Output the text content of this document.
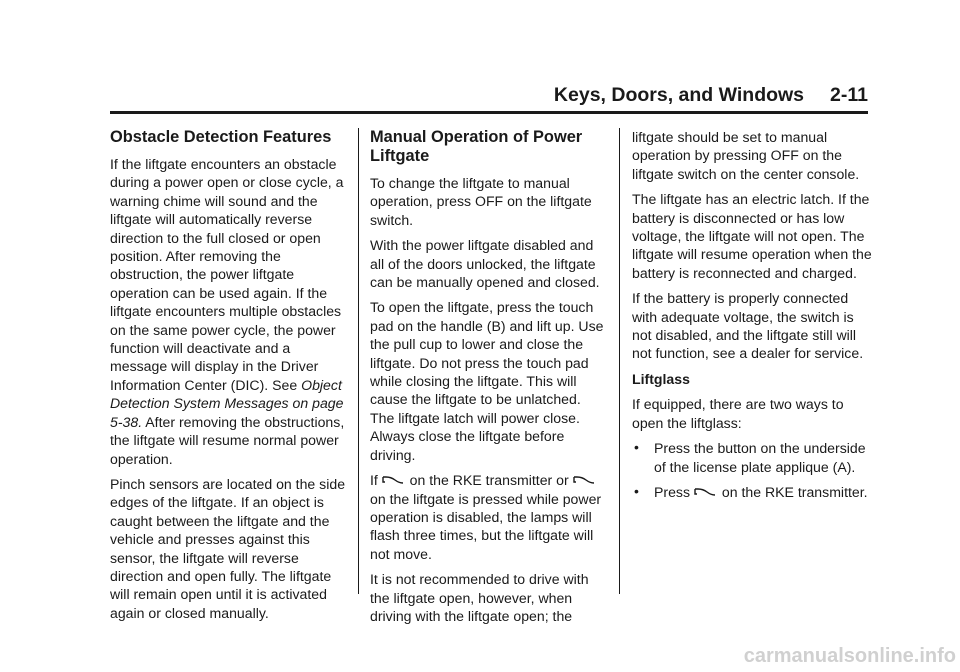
Keys, Doors, and Windows 2-11
Obstacle Detection Features

If the liftgate encounters an obstacle during a power open or close cycle, a warning chime will sound and the liftgate will automatically reverse direction to the full closed or open position. After removing the obstruction, the power liftgate operation can be used again. If the liftgate encounters multiple obstacles on the same power cycle, the power function will deactivate and a message will display in the Driver Information Center (DIC). See Object Detection System Messages on page 5-38. After removing the obstructions, the liftgate will resume normal power operation.

Pinch sensors are located on the side edges of the liftgate. If an object is caught between the liftgate and the vehicle and presses against this sensor, the liftgate will reverse direction and open fully. The liftgate will remain open until it is activated again or closed manually.

Manual Operation of Power Liftgate

To change the liftgate to manual operation, press OFF on the liftgate switch.

With the power liftgate disabled and all of the doors unlocked, the liftgate can be manually opened and closed.

To open the liftgate, press the touch pad on the handle (B) and lift up. Use the pull cup to lower and close the liftgate. Do not press the touch pad while closing the liftgate. This will cause the liftgate to be unlatched. The liftgate latch will power close. Always close the liftgate before driving.

If  on the RKE transmitter or  on the liftgate is pressed while power operation is disabled, the lamps will flash three times, but the liftgate will not move.

It is not recommended to drive with the liftgate open, however, when driving with the liftgate open; the

liftgate should be set to manual operation by pressing OFF on the liftgate switch on the center console.

The liftgate has an electric latch. If the battery is disconnected or has low voltage, the liftgate will not open. The liftgate will resume operation when the battery is reconnected and charged.

If the battery is properly connected with adequate voltage, the switch is not disabled, and the liftgate still will not function, see a dealer for service.

Liftglass

If equipped, there are two ways to open the liftglass:

• Press the button on the underside of the license plate applique (A).
• Press  on the RKE transmitter.
carmanualsonline.info
